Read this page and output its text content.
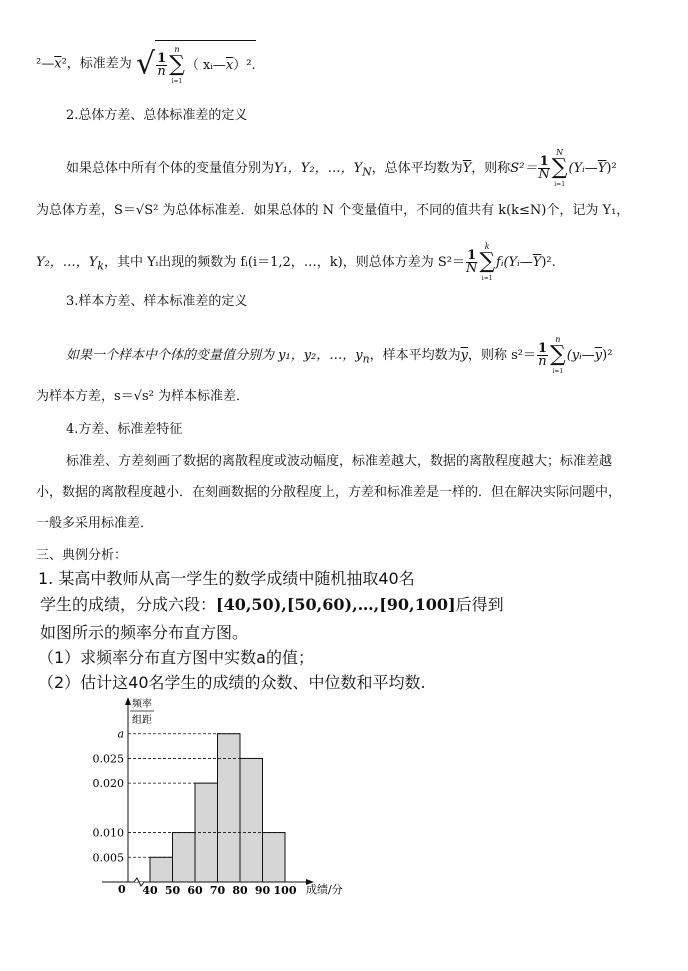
$^2—\overline{x}^2$，标准差为 √ $\frac{1}{n}$
n
∑
i=1（ $xᵢ—\overline{x})^2$.
2.总体方差、总体标准差的定义
如果总体中所有个体的变量值分别为Y₁，Y₂，…，$Y_N$，总体平均数为$\overline{Y}$，则称$S^2= \frac{1}{N}$
N
∑
$i=1(Yᵢ—\overline{Y})^2$
为总体方差，S＝√S² 为总体标准差．如果总体的 N 个变量值中，不同的值共有 k(k≤N)个，记为 Y₁，
Y₂，…，$Y_k$，其中 Yᵢ出现的频数为 fᵢ(i＝1,2，…，k)，则总体方差为 $S^2= \frac{1}{N}$
k
∑
$i=1fᵢ(Yᵢ—\overline{Y})^2$.
3.样本方差、样本标准差的定义
如果一个样本中个体的变量值分别为 y₁，y₂，…，$y_n$，样本平均数为$\overline{y}$，则称 $s^2= \frac{1}{n}$
n
∑
$i=1(yᵢ—\overline{y})^2$
为样本方差，s＝√s² 为样本标准差．
4.方差、标准差特征
标准差、方差刻画了数据的离散程度或波动幅度，标准差越大，数据的离散程度越大；标准差越
小，数据的离散程度越小．在刻画数据的分散程度上，方差和标准差是一样的．但在解决实际问题中，
一般多采用标准差．
三、典例分析：
1. 某高中教师从高一学生的数学成绩中随机抽取40名
学生的成绩，分成六段：[40,50),[50,60),…,[90,100]后得到
如图所示的频率分布直方图。
（1）求频率分布直方图中实数a的值；
（2）估计这40名学生的成绩的众数、中位数和平均数.
0.005
0.010
0.020
0.025
a
频率
组距
0 40 50 60 70 80 90 100 成绩/分
